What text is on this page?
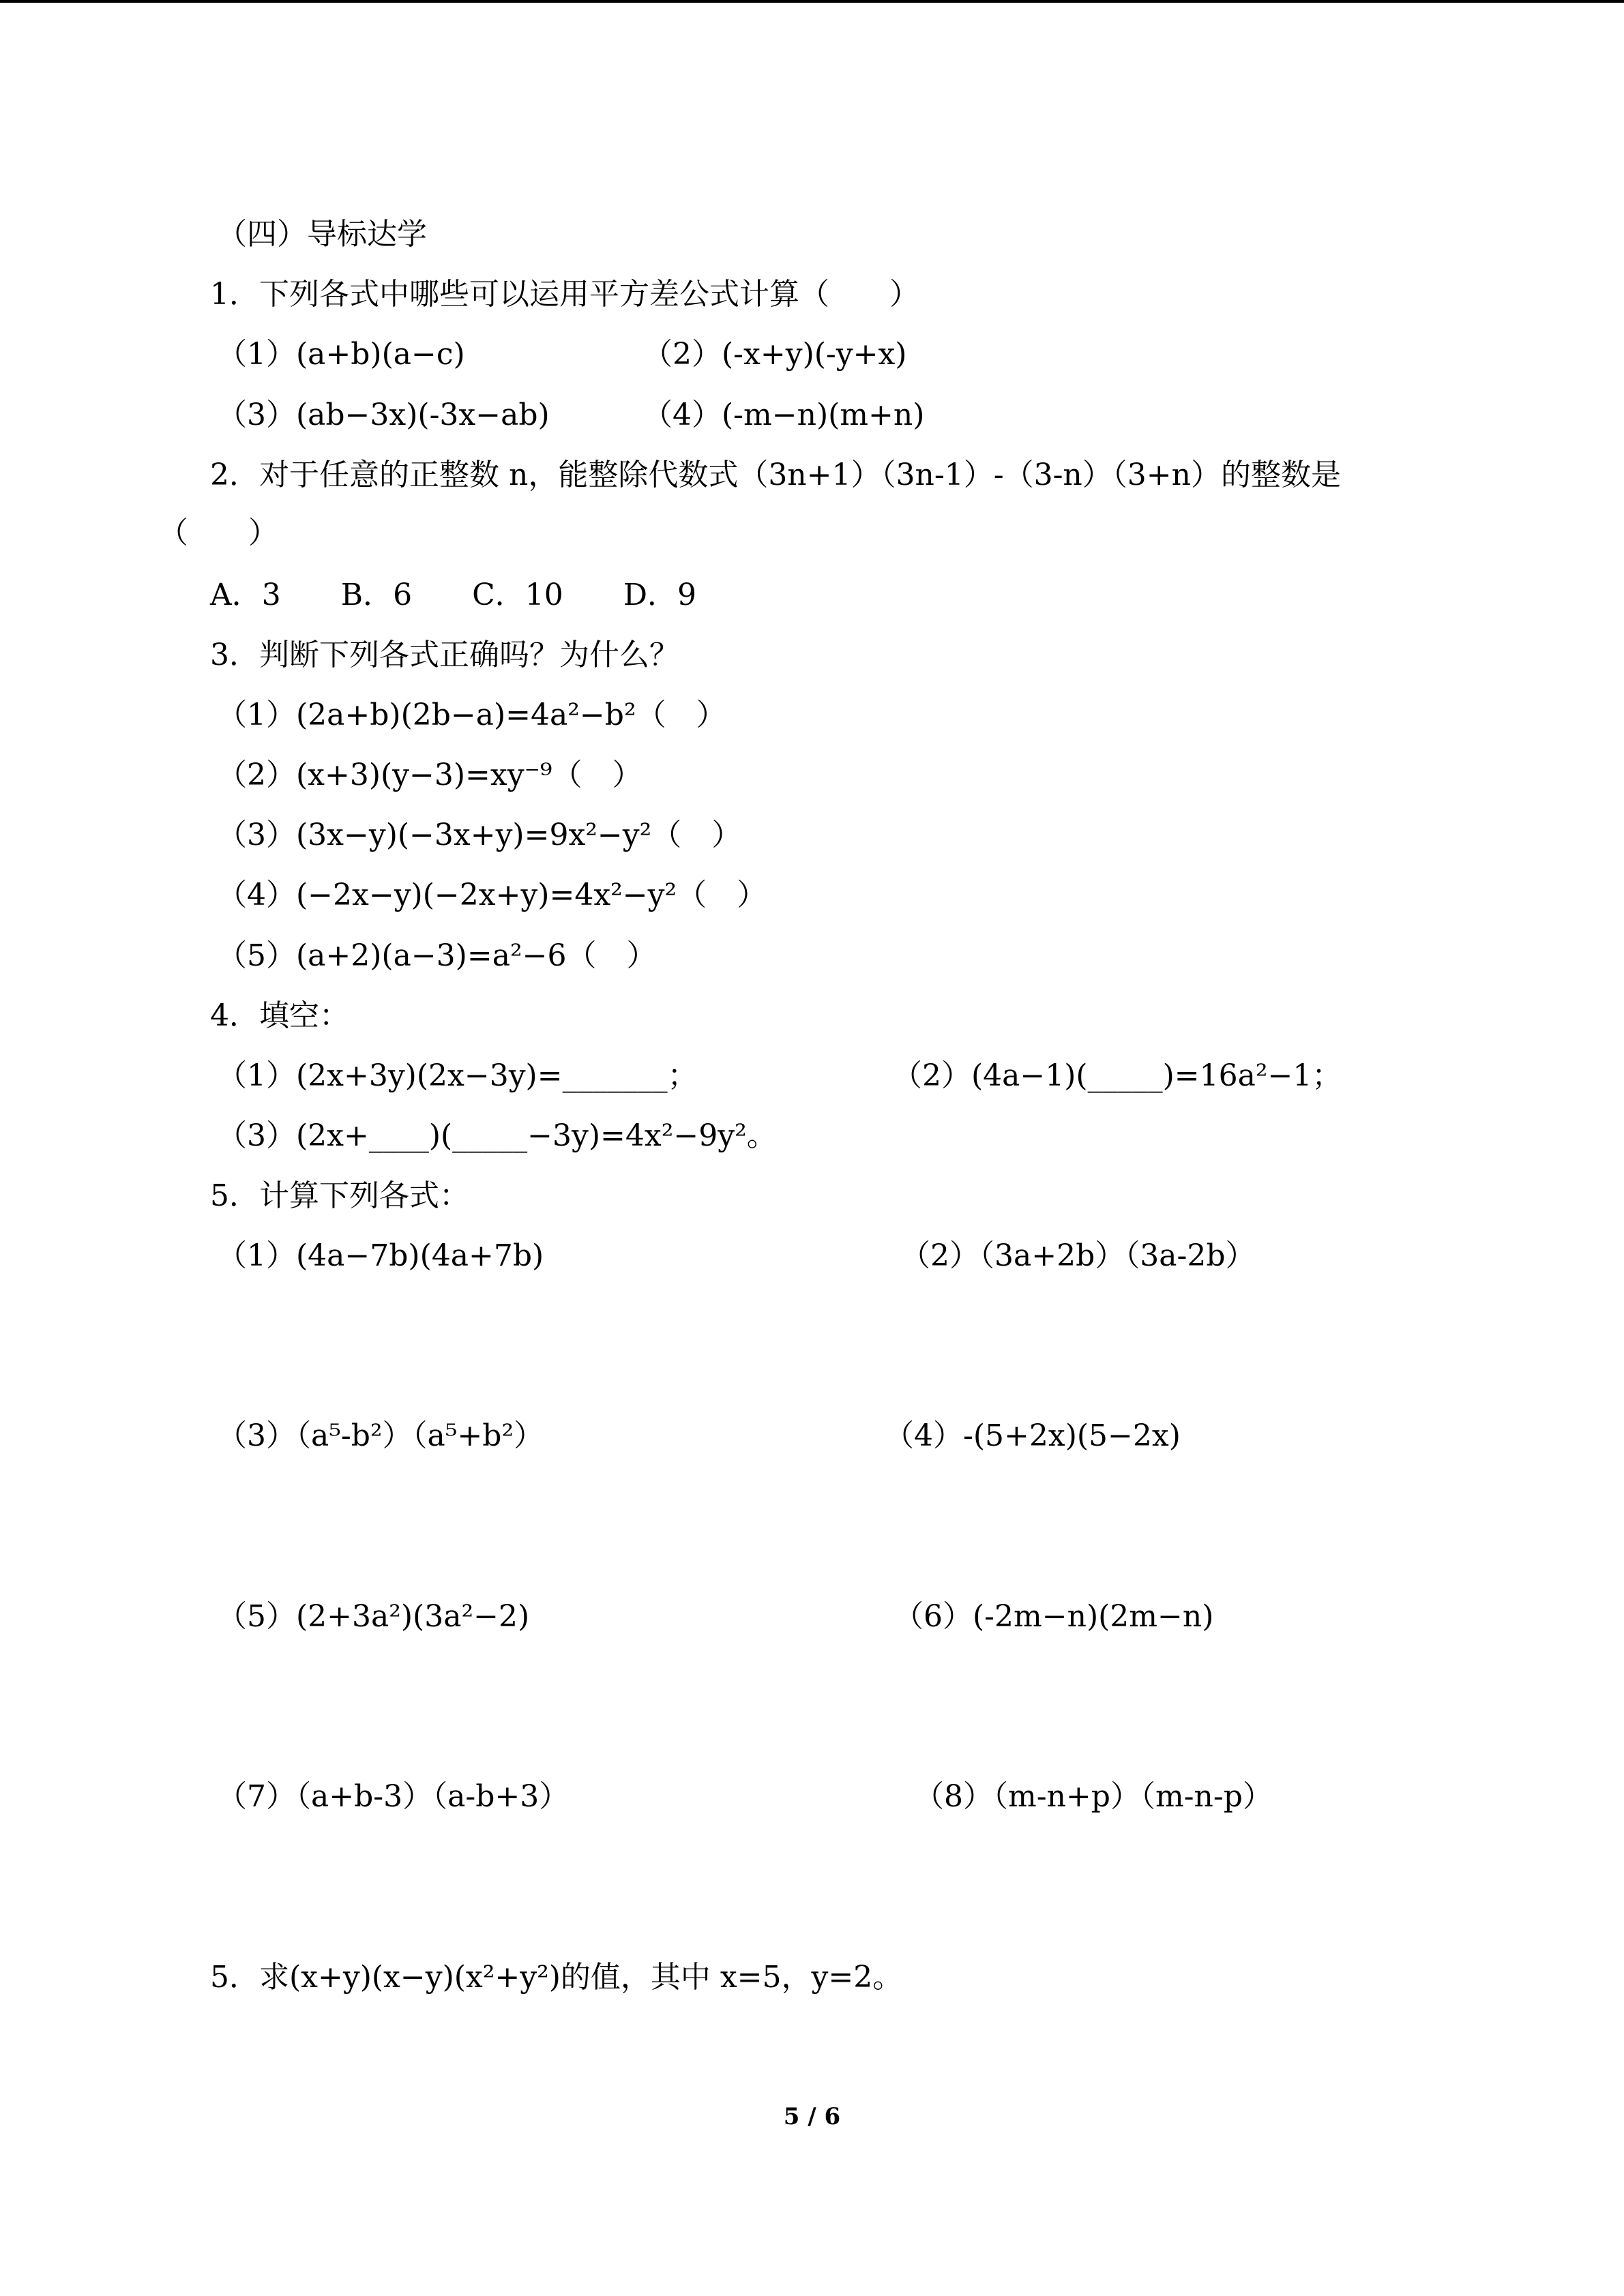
（四）导标达学

1．下列各式中哪些可以运用平方差公式计算（　　）

（1）(a+b)(a−c)	（2）(-x+y)(-y+x)

（3）(ab−3x)(-3x−ab)	（4）(-m−n)(m+n)

2．对于任意的正整数 n，能整除代数式（3n+1）（3n-1）-（3-n）（3+n）的整数是

（　　）

A．3　　B．6　　C．10　　D．9

3．判断下列各式正确吗？为什么？

（1）(2a+b)(2b−a)=4a²−b²（　）

（2）(x+3)(y−3)=xy⁻⁹（　）

（3）(3x−y)(−3x+y)=9x²−y²（　）

（4）(−2x−y)(−2x+y)=4x²−y²（　）

（5）(a+2)(a−3)=a²−6（　）

4．填空：

（1）(2x+3y)(2x−3y)=_______；	（2）(4a−1)(_____)=16a²−1；

（3）(2x+____)(_____−3y)=4x²−9y²。

5．计算下列各式：

（1）(4a−7b)(4a+7b)	（2）（3a+2b）（3a-2b）

（3）（a⁵-b²）（a⁵+b²）	（4）-(5+2x)(5−2x)

（5）(2+3a²)(3a²−2)	（6）(-2m−n)(2m−n)

（7）（a+b-3）（a-b+3）	（8）（m-n+p）（m-n-p）

5．求(x+y)(x−y)(x²+y²)的值，其中 x=5，y=2。

5 / 6
